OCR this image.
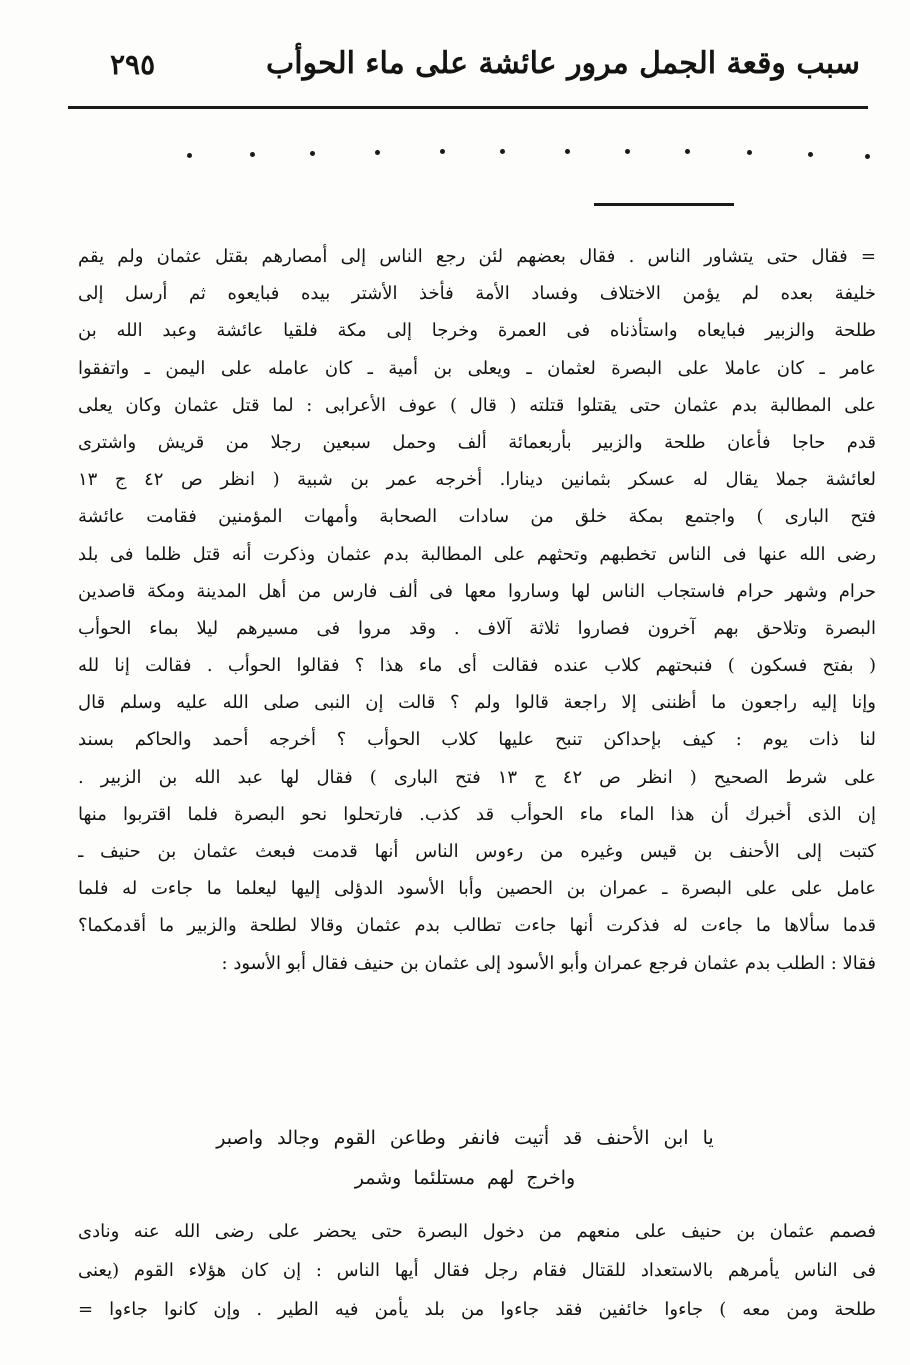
سبب وقعة الجمل مرور عائشة على ماء الحوأب
٢٩٥
= فقال حتى يتشاور الناس . فقال بعضهم لئن رجع الناس إلى أمصارهم بقتل عثمان ولم يقم
خليفة بعده لم يؤمن الاختلاف وفساد الأمة فأخذ الأشتر بيده فبايعوه ثم أرسل إلى
طلحة والزبير فبايعاه واستأذناه فى العمرة وخرجا إلى مكة فلقيا عائشة وعبد الله بن
عامر ـ كان عاملا على البصرة لعثمان ـ ويعلى بن أمية ـ كان عامله على اليمن ـ واتفقوا
على المطالبة بدم عثمان حتى يقتلوا قتلته ( قال ) عوف الأعرابى : لما قتل عثمان وكان يعلى
قدم حاجا فأعان طلحة والزبير بأربعمائة ألف وحمل سبعين رجلا من قريش واشترى
لعائشة جملا يقال له عسكر بثمانين دينارا. أخرجه عمر بن شبية ( انظر ص ٤٢ ج ١٣
فتح البارى ) واجتمع بمكة خلق من سادات الصحابة وأمهات المؤمنين فقامت عائشة
رضى الله عنها فى الناس تخطبهم وتحثهم على المطالبة بدم عثمان وذكرت أنه قتل ظلما فى بلد
حرام وشهر حرام فاستجاب الناس لها وساروا معها فى ألف فارس من أهل المدينة ومكة قاصدين
البصرة وتلاحق بهم آخرون فصاروا ثلاثة آلاف . وقد مروا فى مسيرهم ليلا بماء الحوأب
( بفتح فسكون ) فنبحتهم كلاب عنده فقالت أى ماء هذا ؟ فقالوا الحوأب . فقالت إنا لله
وإنا إليه راجعون ما أظننى إلا راجعة قالوا ولم ؟ قالت إن النبى صلى الله عليه وسلم قال
لنا ذات يوم : كيف بإحداكن تنبح عليها كلاب الحوأب ؟ أخرجه أحمد والحاكم بسند
على شرط الصحيح ( انظر ص ٤٢ ج ١٣ فتح البارى ) فقال لها عبد الله بن الزبير .
إن الذى أخبرك أن هذا الماء ماء الحوأب قد كذب. فارتحلوا نحو البصرة فلما اقتربوا منها
كتبت إلى الأحنف بن قيس وغيره من رءوس الناس أنها قدمت فبعث عثمان بن حنيف ـ
عامل على على البصرة ـ عمران بن الحصين وأبا الأسود الدؤلى إليها ليعلما ما جاءت له فلما
قدما سألاها ما جاءت له فذكرت أنها جاءت تطالب بدم عثمان وقالا لطلحة والزبير ما أقدمكما؟
فقالا : الطلب بدم عثمان فرجع عمران وأبو الأسود إلى عثمان بن حنيف فقال أبو الأسود :
يا ابن الأحنف قد أتيت فانفر وطاعن القوم وجالد واصبر
واخرج لهم مستلئما وشمر
فصمم عثمان بن حنيف على منعهم من دخول البصرة حتى يحضر على رضى الله عنه ونادى
فى الناس يأمرهم بالاستعداد للقتال فقام رجل فقال أيها الناس : إن كان هؤلاء القوم (يعنى
طلحة ومن معه ) جاءوا خائفين فقد جاءوا من بلد يأمن فيه الطير . وإن كانوا جاءوا =
